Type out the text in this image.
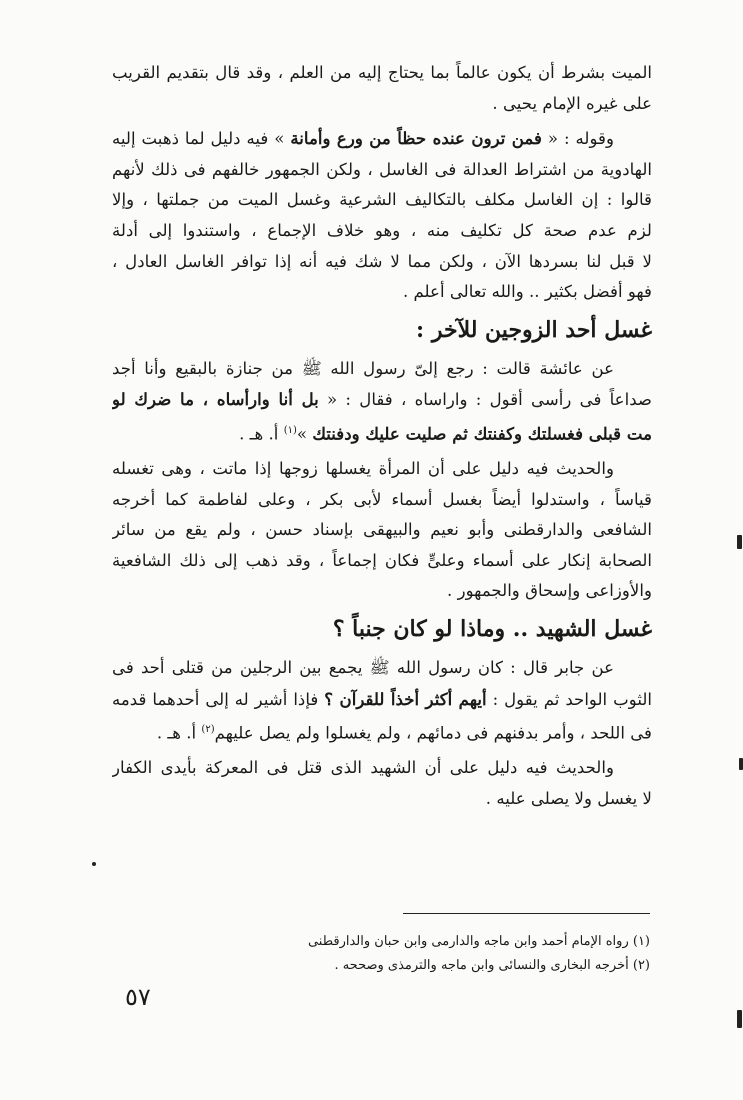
الميت بشرط أن يكون عالماً بما يحتاج إليه من العلم ، وقد قال بتقديم القريب
على غيره الإمام يحيى .
وقوله : « فمن ترون عنده حظاً من ورع وأمانة » فيه دليل لما ذهبت إليه
الهادوية من اشتراط العدالة فى الغاسل ، ولكن الجمهور خالفهم فى ذلك لأنهم
قالوا : إن الغاسل مكلف بالتكاليف الشرعية وغسل الميت من جملتها ، وإلا
لزم عدم صحة كل تكليف منه ، وهو خلاف الإجماع ، واستندوا إلى أدلة
لا قبل لنا بسردها الآن ، ولكن مما لا شك فيه أنه إذا توافر الغاسل العادل ،
فهو أفضل بكثير .. والله تعالى أعلم .
غسل أحد الزوجين للآخر :
عن عائشة قالت : رجع إلىّ رسول الله ﷺ من جنازة بالبقيع وأنا أجد
صداعاً فى رأسى أقول : واراساه ، فقال : « بل أنا وارأساه ، ما ضرك لو
مت قبلى فغسلتك وكفنتك ثم صليت عليك ودفنتك »$^{(١)}$ أ. هـ .
والحديث فيه دليل على أن المرأة يغسلها زوجها إذا ماتت ، وهى تغسله
قياساً ، واستدلوا أيضاً بغسل أسماء لأبى بكر ، وعلى لفاطمة كما أخرجه
الشافعى والدارقطنى وأبو نعيم والبيهقى بإسناد حسن ، ولم يقع من سائر
الصحابة إنكار على أسماء وعلىٍّ فكان إجماعاً ، وقد ذهب إلى ذلك الشافعية
والأوزاعى وإسحاق والجمهور .
غسل الشهيد .. وماذا لو كان جنباً ؟
عن جابر قال : كان رسول الله ﷺ يجمع بين الرجلين من قتلى أحد فى
الثوب الواحد ثم يقول : أيهم أكثر أخذاً للقرآن ؟ فإذا أشير له إلى أحدهما قدمه
فى اللحد ، وأمر بدفنهم فى دمائهم ، ولم يغسلوا ولم يصل عليهم$^{(٢)}$ أ. هـ .
والحديث فيه دليل على أن الشهيد الذى قتل فى المعركة بأيدى الكفار
لا يغسل ولا يصلى عليه .
(١) رواه الإمام أحمد وابن ماجه والدارمى وابن حبان والدارقطنى
(٢) أخرجه البخارى والنسائى وابن ماجه والترمذى وصححه .
٥٧
